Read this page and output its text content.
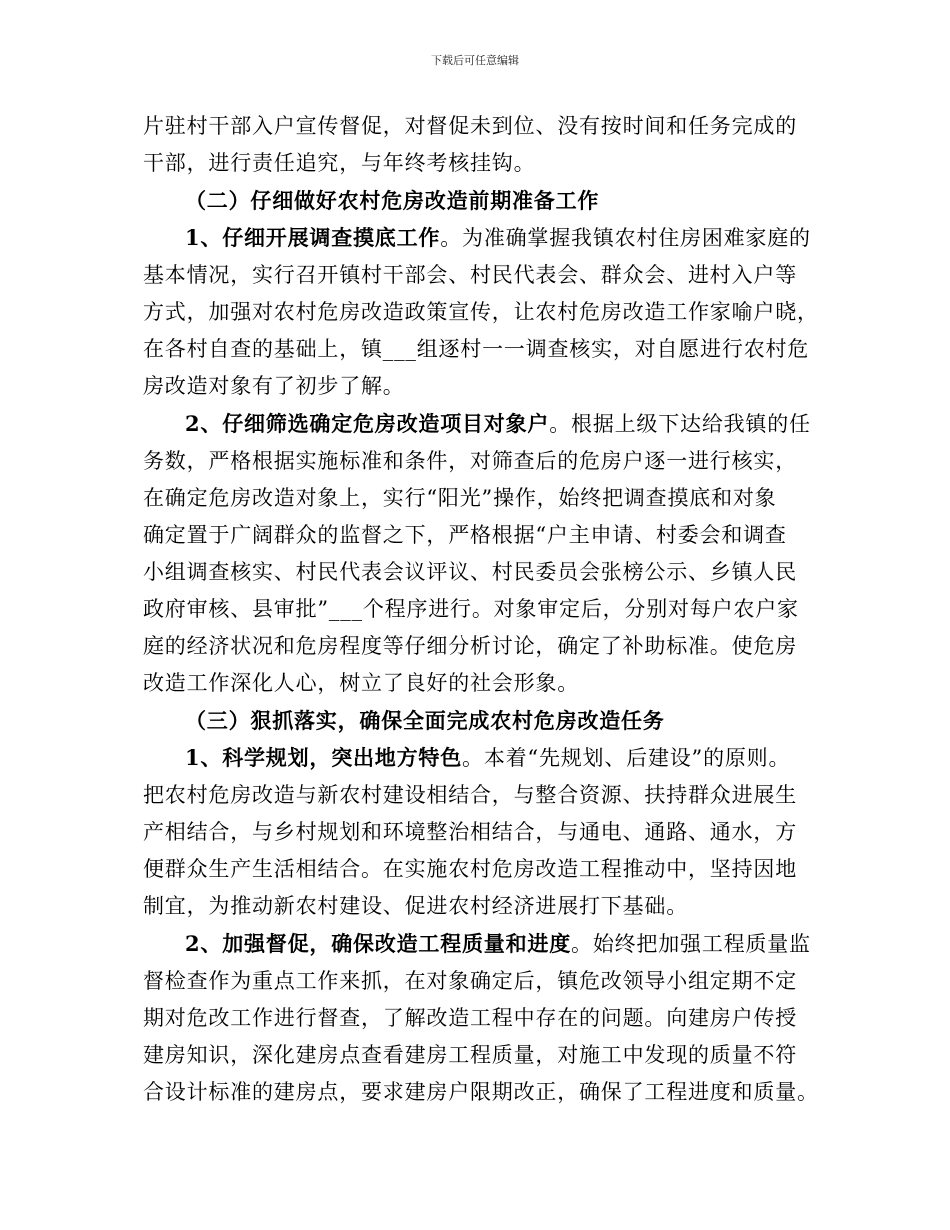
下载后可任意编辑

片驻村干部入户宣传督促，对督促未到位、没有按时间和任务完成的
干部，进行责任追究，与年终考核挂钩。

（二）仔细做好农村危房改造前期准备工作

1、仔细开展调查摸底工作。为准确掌握我镇农村住房困难家庭的
基本情况，实行召开镇村干部会、村民代表会、群众会、进村入户等
方式，加强对农村危房改造政策宣传，让农村危房改造工作家喻户晓，
在各村自查的基础上，镇___组逐村一一调查核实，对自愿进行农村危
房改造对象有了初步了解。

2、仔细筛选确定危房改造项目对象户。根据上级下达给我镇的任
务数，严格根据实施标准和条件，对筛查后的危房户逐一进行核实，
在确定危房改造对象上，实行“阳光”操作，始终把调查摸底和对象
确定置于广阔群众的监督之下，严格根据“户主申请、村委会和调查
小组调查核实、村民代表会议评议、村民委员会张榜公示、乡镇人民
政府审核、县审批”___个程序进行。对象审定后，分别对每户农户家
庭的经济状况和危房程度等仔细分析讨论，确定了补助标准。使危房
改造工作深化人心，树立了良好的社会形象。

（三）狠抓落实，确保全面完成农村危房改造任务

1、科学规划，突出地方特色。本着“先规划、后建设”的原则。
把农村危房改造与新农村建设相结合，与整合资源、扶持群众进展生
产相结合，与乡村规划和环境整治相结合，与通电、通路、通水，方
便群众生产生活相结合。在实施农村危房改造工程推动中，坚持因地
制宜，为推动新农村建设、促进农村经济进展打下基础。

2、加强督促，确保改造工程质量和进度。始终把加强工程质量监
督检查作为重点工作来抓，在对象确定后，镇危改领导小组定期不定
期对危改工作进行督查，了解改造工程中存在的问题。向建房户传授
建房知识，深化建房点查看建房工程质量，对施工中发现的质量不符
合设计标准的建房点，要求建房户限期改正，确保了工程进度和质量。
